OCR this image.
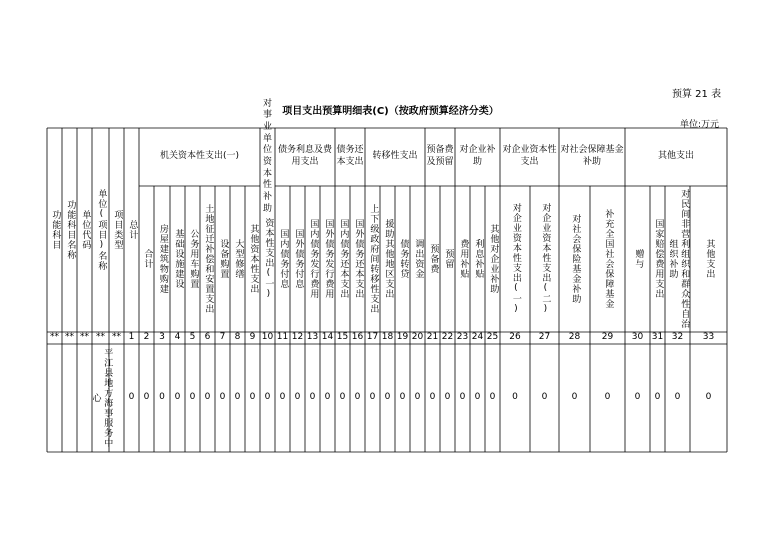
预算 21 表
项目支出预算明细表(C)（按政府预算经济分类）
单位:万元
机关资本性支出(一)
对事业单位资本性补助
债务利息及费用支出
债务还本支出
转移性支出
预备费及预留
对企业补助
对企业资本性支出
对社会保障基金补助
其他支出
功能科目
**
功能科目名称
**
单位代码
**
单位(项目)名称
**
平江县地方海事服务中心
项目类型
**
总计
1
0
合计
2
0
房屋建筑物购建
3
0
基础设施建设
4
0
公务用车购置
5
0
土地征迁补偿和安置支出
6
0
设备购置
7
0
大型修缮
8
0
其他资本性支出
9
0
资本性支出(一)
10
0
国内债务付息
11
0
国外债务付息
12
0
国内债务发行费用
13
0
国外债务发行费用
14
0
国内债务还本支出
15
0
国外债务还本支出
16
0
上下级政府间转移性支出
17
0
援助其他地区支出
18
0
债务转贷
19
0
调出资金
20
0
预备费
21
0
预留
22
0
费用补贴
23
0
利息补贴
24
0
其他对企业补助
25
0
对企业资本性支出(一)
26
0
对企业资本性支出(二)
27
0
对社会保险基金补助
28
0
补充全国社会保障基金
29
0
赠与
30
0
国家赔偿费用支出
31
0
对民间非营利组织和群众性自治组织补助
32
0
其他支出
33
0
